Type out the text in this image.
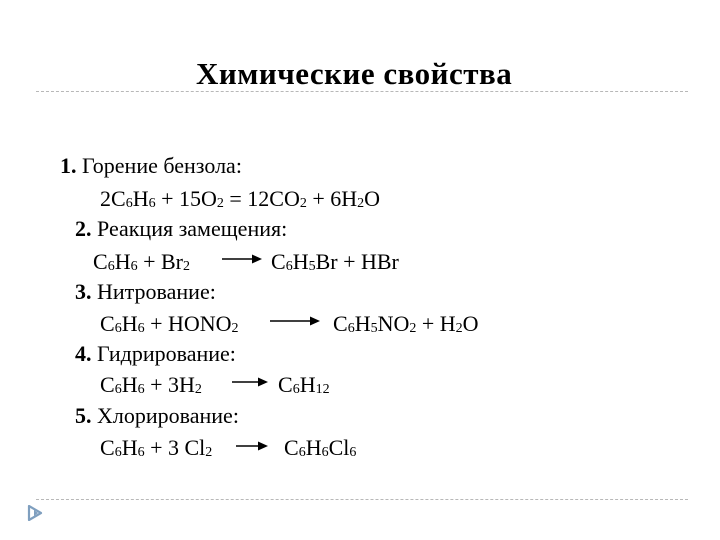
Химические свойства
1. Горение бензола:
$2C_6H_6 + 15O_2 = 12CO_2 + 6H_2O$
2. Реакция замещения:
$C_6H_6 + Br_2 \to C_6H_5Br$ + HBr
3. Нитрование:
$C_6H_6$ + $HONO_2 \to C_6H_5NO_2 + H_2O$
4. Гидрирование:
$C_6H_6 + 3H_2 \to C_6H_{12}$
5. Хлорирование:
$C_6H_6 + 3$ $Cl_2 \to C_6H_6Cl_6$
